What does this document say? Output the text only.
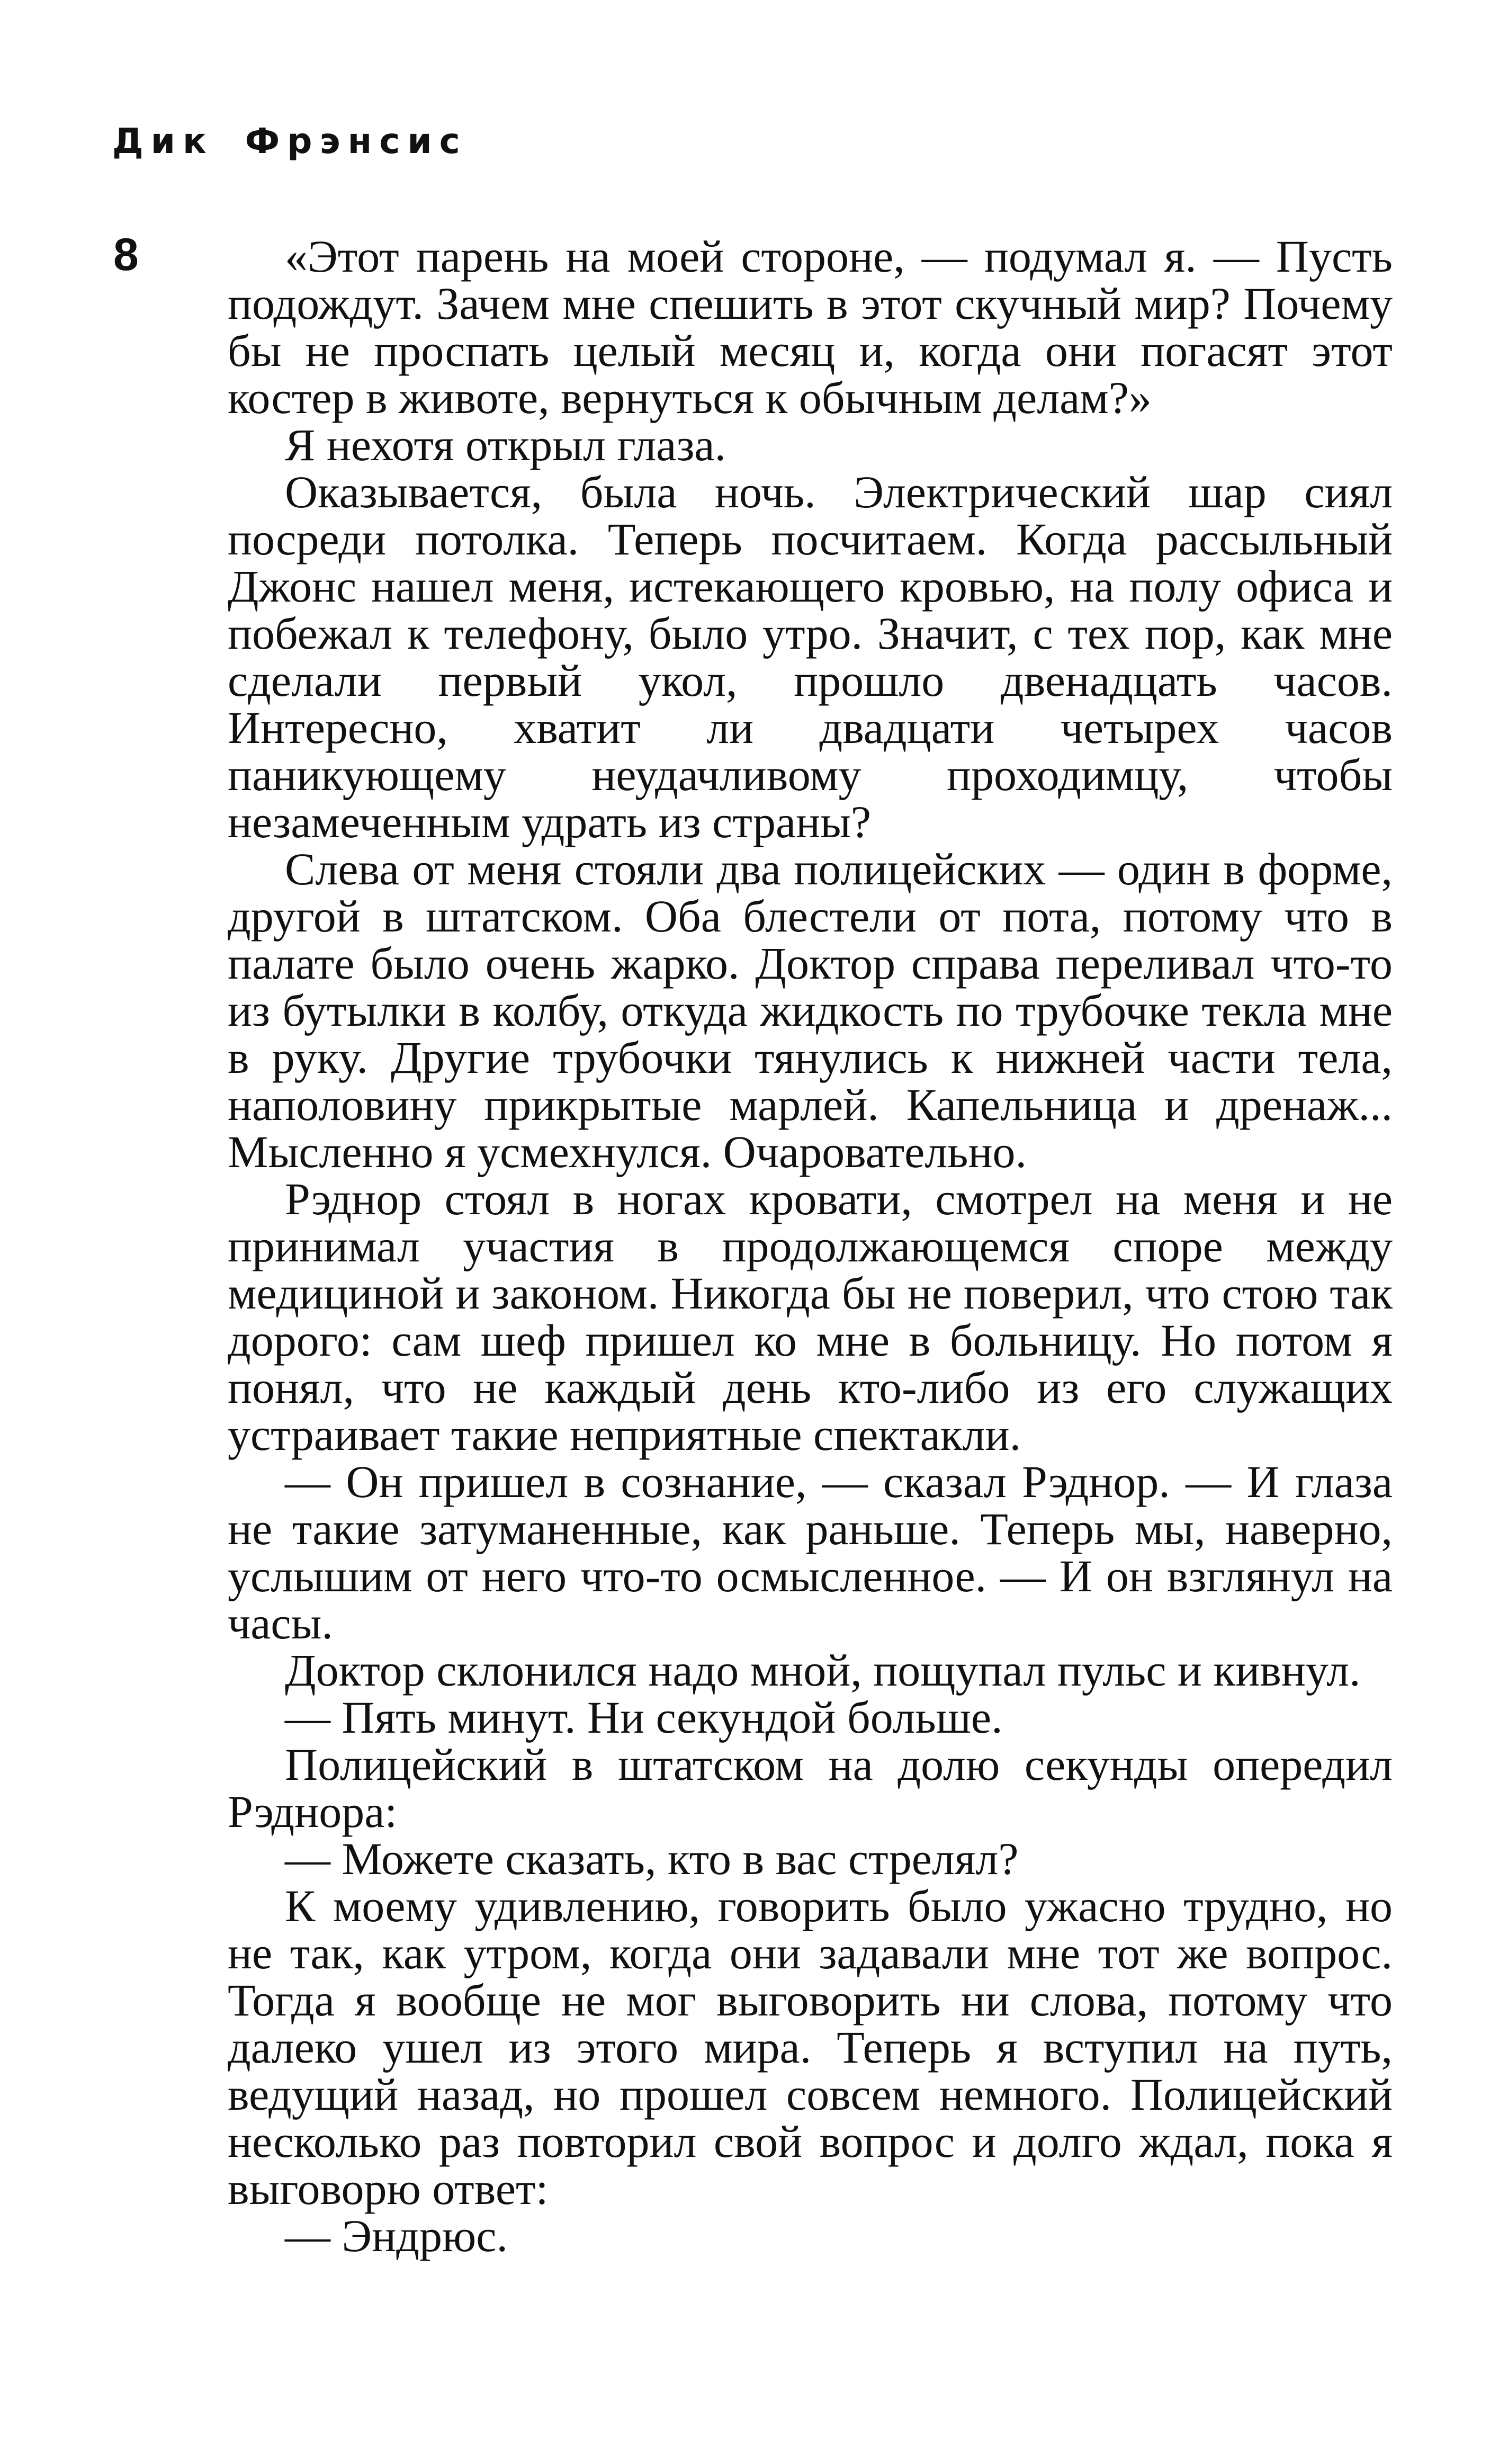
Дик Фрэнсис
8	«Этот парень на моей стороне, — подумал я. — Пусть подождут. Зачем мне спешить в этот скучный мир? Почему бы не проспать целый месяц и, когда они погасят этот костер в животе, вернуться к обычным делам?»

Я нехотя открыл глаза.

Оказывается, была ночь. Электрический шар сиял посреди потолка. Теперь посчитаем. Когда рассыльный Джонс нашел меня, истекающего кровью, на полу офиса и побежал к телефону, было утро. Значит, с тех пор, как мне сделали первый укол, прошло двенадцать часов. Интересно, хватит ли двадцати четырех часов паникующему неудачливому проходимцу, чтобы незамеченным удрать из страны?

Слева от меня стояли два полицейских — один в форме, другой в штатском. Оба блестели от пота, потому что в палате было очень жарко. Доктор справа переливал что-то из бутылки в колбу, откуда жидкость по трубочке текла мне в руку. Другие трубочки тянулись к нижней части тела, наполовину прикрытые марлей. Капельница и дренаж... Мысленно я усмехнулся. Очаровательно.

Рэднор стоял в ногах кровати, смотрел на меня и не принимал участия в продолжающемся споре между медициной и законом. Никогда бы не поверил, что стою так дорого: сам шеф пришел ко мне в больницу. Но потом я понял, что не каждый день кто-либо из его служащих устраивает такие неприятные спектакли.

— Он пришел в сознание, — сказал Рэднор. — И глаза не такие затуманенные, как раньше. Теперь мы, наверно, услышим от него что-то осмысленное. — И он взглянул на часы.

Доктор склонился надо мной, пощупал пульс и кивнул.

— Пять минут. Ни секундой больше.

Полицейский в штатском на долю секунды опередил Рэднора:

— Можете сказать, кто в вас стрелял?

К моему удивлению, говорить было ужасно трудно, но не так, как утром, когда они задавали мне тот же вопрос. Тогда я вообще не мог выговорить ни слова, потому что далеко ушел из этого мира. Теперь я вступил на путь, ведущий назад, но прошел совсем немного. Полицейский несколько раз повторил свой вопрос и долго ждал, пока я выговорю ответ:

— Эндрюс.
